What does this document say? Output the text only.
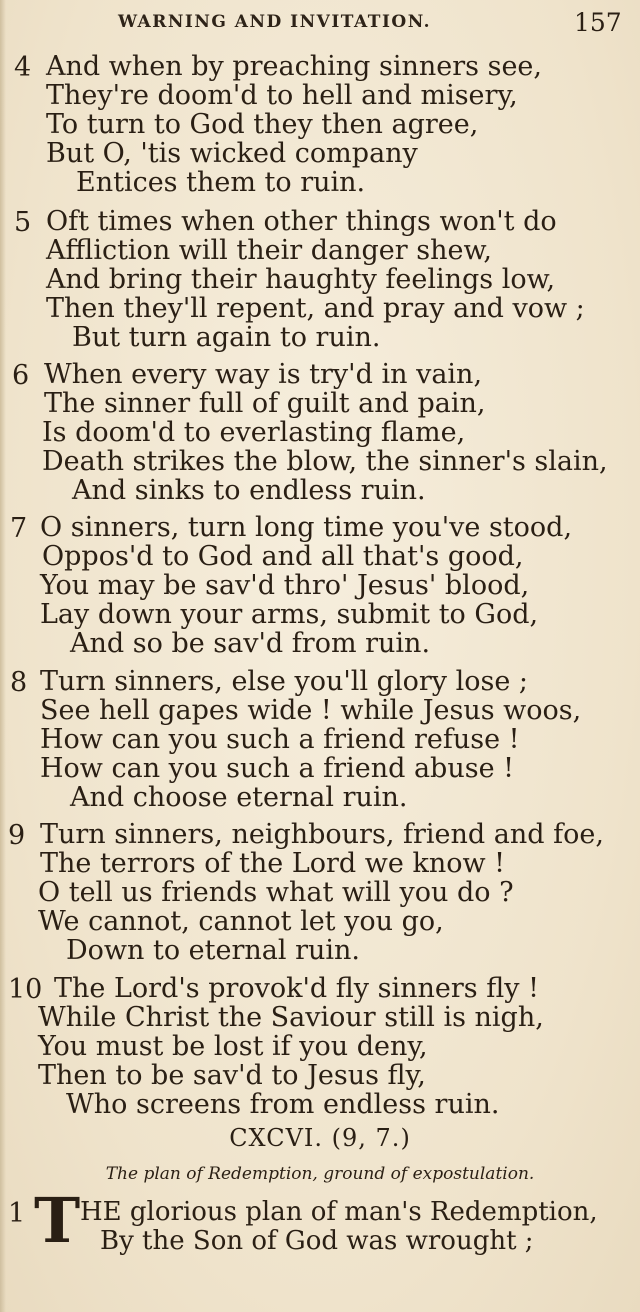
WARNING AND INVITATION.	157
4 And when by preaching sinners see,
They're doom'd to hell and misery,
To turn to God they then agree,
But O, 'tis wicked company
Entices them to ruin.
5 Oft times when other things won't do
Affliction will their danger shew,
And bring their haughty feelings low,
Then they'll repent, and pray and vow ;
But turn again to ruin.
6 When every way is try'd in vain,
The sinner full of guilt and pain,
Is doom'd to everlasting flame,
Death strikes the blow, the sinner's slain,
And sinks to endless ruin.
7 O sinners, turn long time you've stood,
Oppos'd to God and all that's good,
You may be sav'd thro' Jesus' blood,
Lay down your arms, submit to God,
And so be sav'd from ruin.
8 Turn sinners, else you'll glory lose ;
See hell gapes wide ! while Jesus woos,
How can you such a friend refuse !
How can you such a friend abuse !
And choose eternal ruin.
9 Turn sinners, neighbours, friend and foe,
The terrors of the Lord we know !
O tell us friends what will you do ?
We cannot, cannot let you go,
Down to eternal ruin.
10 The Lord's provok'd fly sinners fly !
While Christ the Saviour still is nigh,
You must be lost if you deny,
Then to be sav'd to Jesus fly,
Who screens from endless ruin.
CXCVI. (9, 7.)
The plan of Redemption, ground of expostulation.
1 T HE glorious plan of man's Redemption,
By the Son of God was wrought ;
